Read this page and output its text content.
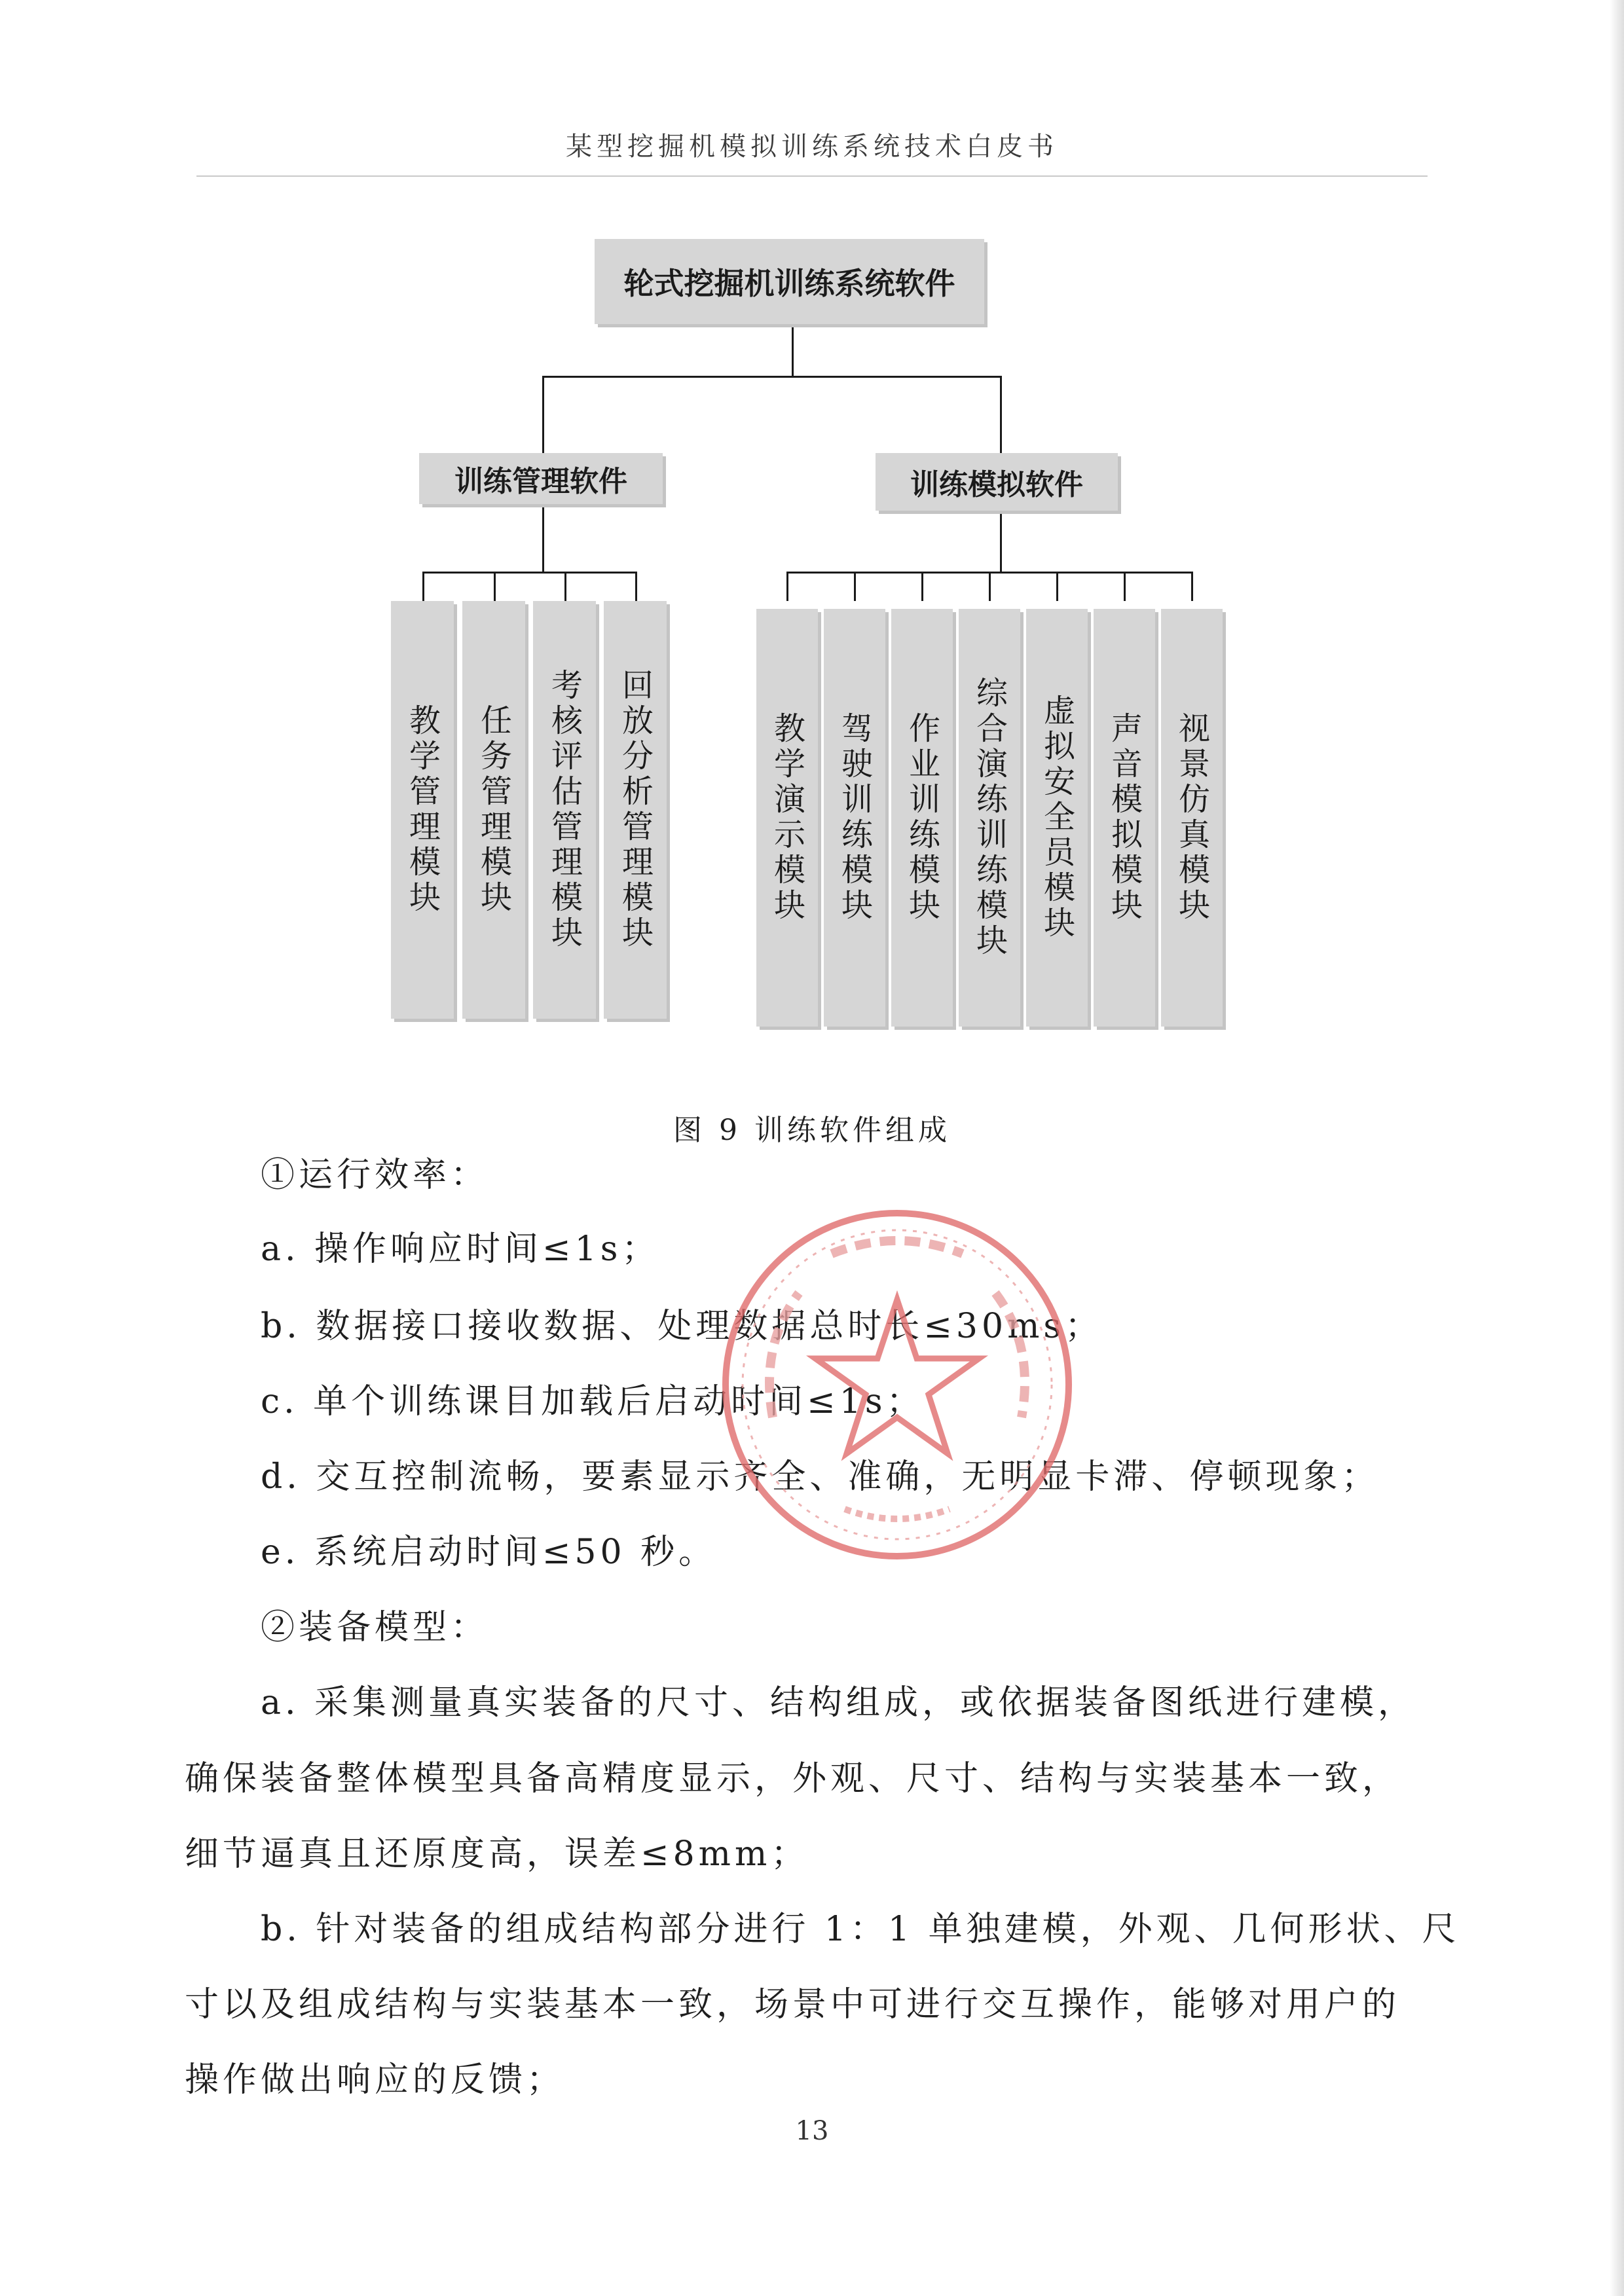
某型挖掘机模拟训练系统技术白皮书
轮式挖掘机训练系统软件
训练管理软件	训练模拟软件
教学管理模块	任务管理模块	考核评估管理模块	回放分析管理模块	教学演示模块 驾驶训练模块 作业训练模块 综合演练训练模块 虚拟安全员模块 声音模拟模块 视景仿真模块
图 9 训练软件组成
①运行效率：
a. 操作响应时间≤1s；
b. 数据接口接收数据、处理数据总时长≤30ms；
c. 单个训练课目加载后启动时间≤1s；
d. 交互控制流畅，要素显示齐全、准确，无明显卡滞、停顿现象；
e. 系统启动时间≤50 秒。
②装备模型：
a. 采集测量真实装备的尺寸、结构组成，或依据装备图纸进行建模，
确保装备整体模型具备高精度显示，外观、尺寸、结构与实装基本一致，
细节逼真且还原度高，误差≤8mm；
b. 针对装备的组成结构部分进行 1：1 单独建模，外观、几何形状、尺
寸以及组成结构与实装基本一致，场景中可进行交互操作，能够对用户的
操作做出响应的反馈；
13
